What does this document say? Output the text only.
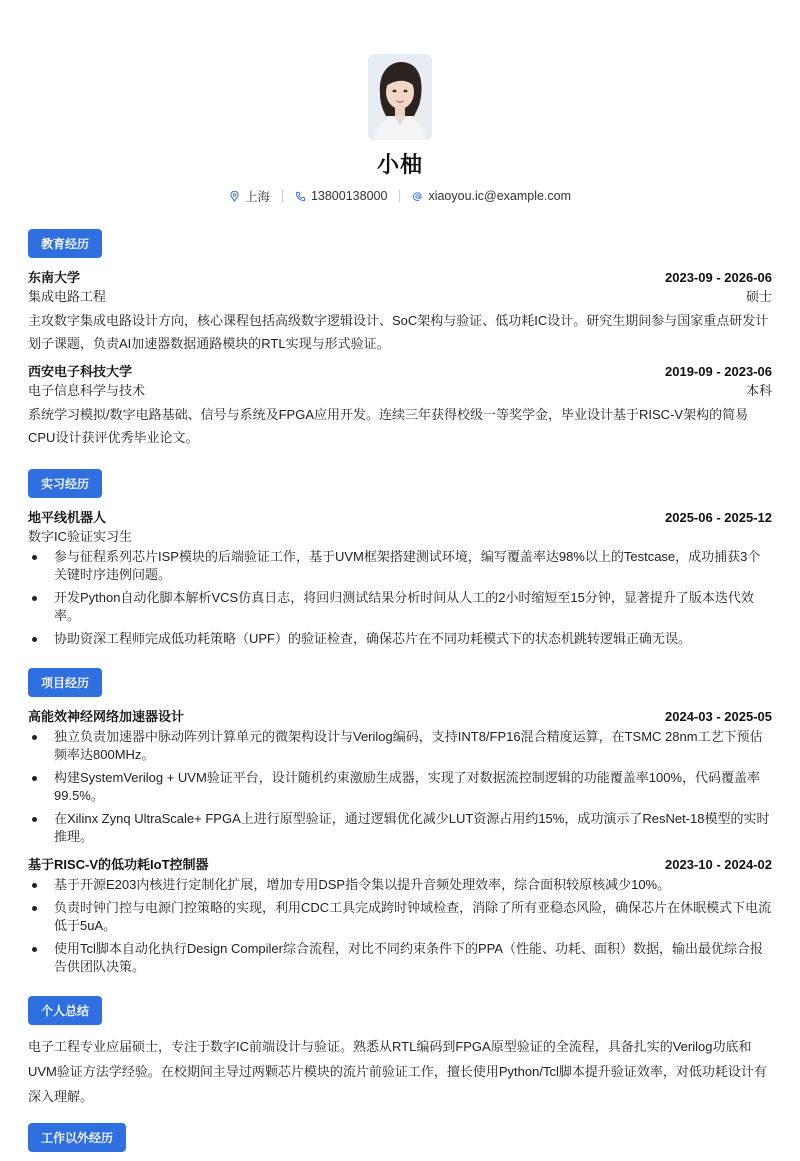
小柚
上海	13800138000	xiaoyou.ic@example.com
教育经历
东南大学	2023-09 - 2026-06
集成电路工程	硕士
主攻数字集成电路设计方向，核心课程包括高级数字逻辑设计、SoC架构与验证、低功耗IC设计。研究生期间参与国家重点研发计划子课题，负责AI加速器数据通路模块的RTL实现与形式验证。
西安电子科技大学	2019-09 - 2023-06
电子信息科学与技术	本科
系统学习模拟/数字电路基础、信号与系统及FPGA应用开发。连续三年获得校级一等奖学金，毕业设计基于RISC-V架构的简易CPU设计获评优秀毕业论文。
实习经历
地平线机器人	2025-06 - 2025-12
数字IC验证实习生
参与征程系列芯片ISP模块的后端验证工作，基于UVM框架搭建测试环境，编写覆盖率达98%以上的Testcase，成功捕获3个关键时序违例问题。
开发Python自动化脚本解析VCS仿真日志，将回归测试结果分析时间从人工的2小时缩短至15分钟，显著提升了版本迭代效率。
协助资深工程师完成低功耗策略（UPF）的验证检查，确保芯片在不同功耗模式下的状态机跳转逻辑正确无误。
项目经历
高能效神经网络加速器设计	2024-03 - 2025-05
独立负责加速器中脉动阵列计算单元的微架构设计与Verilog编码，支持INT8/FP16混合精度运算，在TSMC 28nm工艺下预估频率达800MHz。
构建SystemVerilog + UVM验证平台，设计随机约束激励生成器，实现了对数据流控制逻辑的功能覆盖率100%，代码覆盖率99.5%。
在Xilinx Zynq UltraScale+ FPGA上进行原型验证，通过逻辑优化减少LUT资源占用约15%，成功演示了ResNet-18模型的实时推理。
基于RISC-V的低功耗IoT控制器	2023-10 - 2024-02
基于开源E203内核进行定制化扩展，增加专用DSP指令集以提升音频处理效率，综合面积较原核减少10%。
负责时钟门控与电源门控策略的实现，利用CDC工具完成跨时钟域检查，消除了所有亚稳态风险，确保芯片在休眠模式下电流低于5uA。
使用Tcl脚本自动化执行Design Compiler综合流程，对比不同约束条件下的PPA（性能、功耗、面积）数据，输出最优综合报告供团队决策。
个人总结
电子工程专业应届硕士，专注于数字IC前端设计与验证。熟悉从RTL编码到FPGA原型验证的全流程，具备扎实的Verilog功底和UVM验证方法学经验。在校期间主导过两颗芯片模块的流片前验证工作，擅长使用Python/Tcl脚本提升验证效率，对低功耗设计有深入理解。
工作以外经历
